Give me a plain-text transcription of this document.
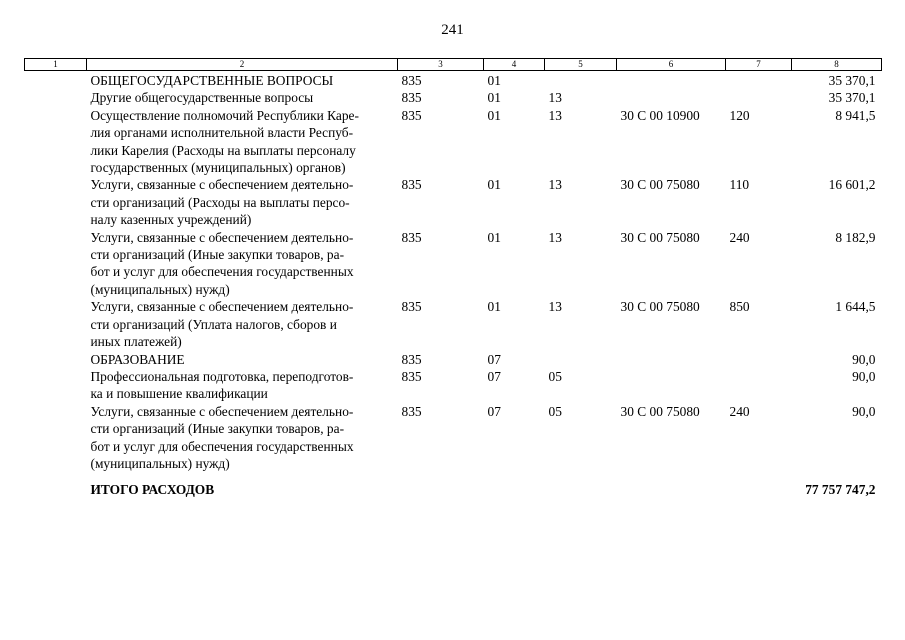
241
1	2	3	4	5	6	7	8
	ОБЩЕГОСУДАРСТВЕННЫЕ ВОПРОСЫ	835	01				35 370,1
	Другие общегосударственные вопросы	835	01	13			35 370,1
	Осуществление полномочий Республики Каре-
лия органами исполнительной власти Респуб-
лики Карелия (Расходы на выплаты персоналу
государственных (муниципальных) органов)	835	01	13	30 С 00 10900	120	8 941,5
	Услуги, связанные с обеспечением деятельно-
сти организаций (Расходы на выплаты персо-
налу казенных учреждений)	835	01	13	30 С 00 75080	110	16 601,2
	Услуги, связанные с обеспечением деятельно-
сти организаций (Иные закупки товаров, ра-
бот и услуг для обеспечения государственных
(муниципальных) нужд)	835	01	13	30 С 00 75080	240	8 182,9
	Услуги, связанные с обеспечением деятельно-
сти организаций (Уплата налогов, сборов и
иных платежей)	835	01	13	30 С 00 75080	850	1 644,5
	ОБРАЗОВАНИЕ	835	07				90,0
	Профессиональная подготовка, переподготов-
ка и повышение квалификации	835	07	05			90,0
	Услуги, связанные с обеспечением деятельно-
сти организаций (Иные закупки товаров, ра-
бот и услуг для обеспечения государственных
(муниципальных) нужд)	835	07	05	30 С 00 75080	240	90,0
	ИТОГО РАСХОДОВ						77 757 747,2
